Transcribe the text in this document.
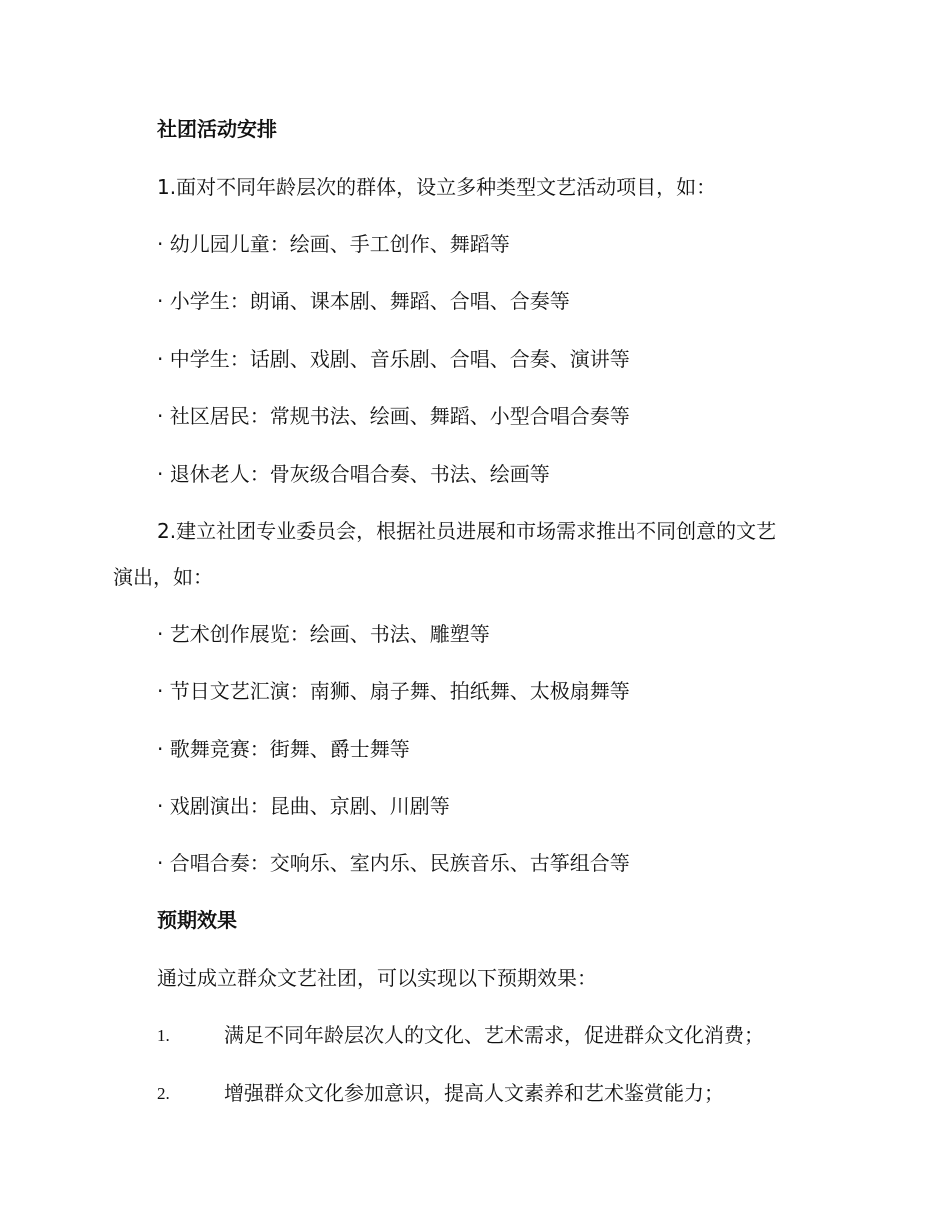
社团活动安排
1.面对不同年龄层次的群体，设立多种类型文艺活动项目，如：
· 幼儿园儿童：绘画、手工创作、舞蹈等
· 小学生：朗诵、课本剧、舞蹈、合唱、合奏等
· 中学生：话剧、戏剧、音乐剧、合唱、合奏、演讲等
· 社区居民：常规书法、绘画、舞蹈、小型合唱合奏等
· 退休老人：骨灰级合唱合奏、书法、绘画等
2.建立社团专业委员会，根据社员进展和市场需求推出不同创意的文艺
演出，如：
· 艺术创作展览：绘画、书法、雕塑等
· 节日文艺汇演：南狮、扇子舞、拍纸舞、太极扇舞等
· 歌舞竞赛：街舞、爵士舞等
· 戏剧演出：昆曲、京剧、川剧等
· 合唱合奏：交响乐、室内乐、民族音乐、古筝组合等
预期效果
通过成立群众文艺社团，可以实现以下预期效果：
1.	满足不同年龄层次人的文化、艺术需求，促进群众文化消费；
2.	增强群众文化参加意识，提高人文素养和艺术鉴赏能力；
